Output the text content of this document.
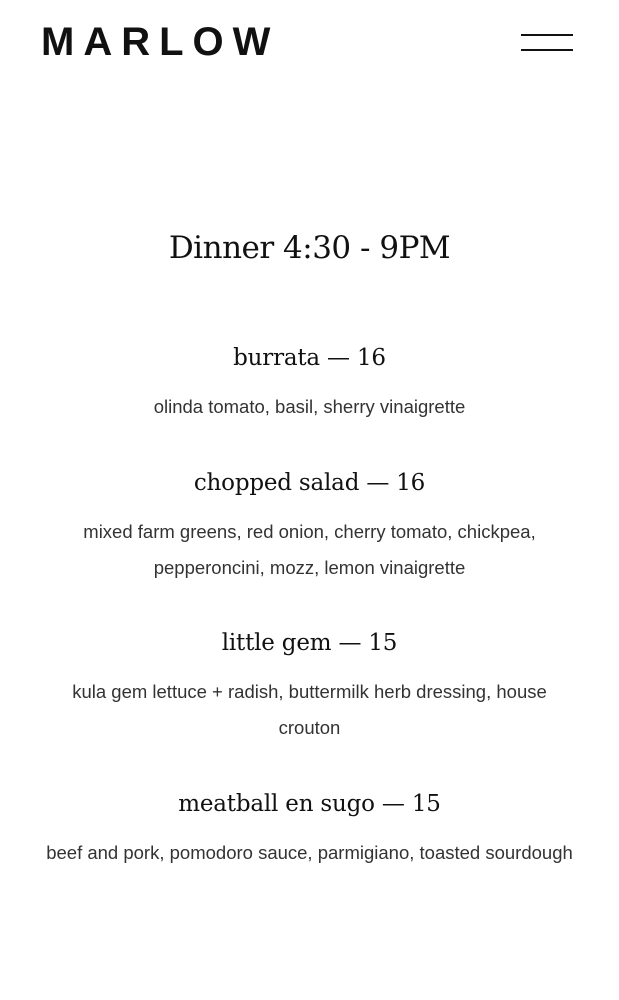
Dinner 4:30 - 9PM
burrata — 16

olinda tomato, basil, sherry vinaigrette

chopped salad — 16

mixed farm greens, red onion, cherry tomato, chickpea, pepperoncini, mozz, lemon vinaigrette

little gem — 15

kula gem lettuce + radish, buttermilk herb dressing, house crouton

meatball en sugo — 15

beef and pork, pomodoro sauce, parmigiano, toasted sourdough

MARLOW
